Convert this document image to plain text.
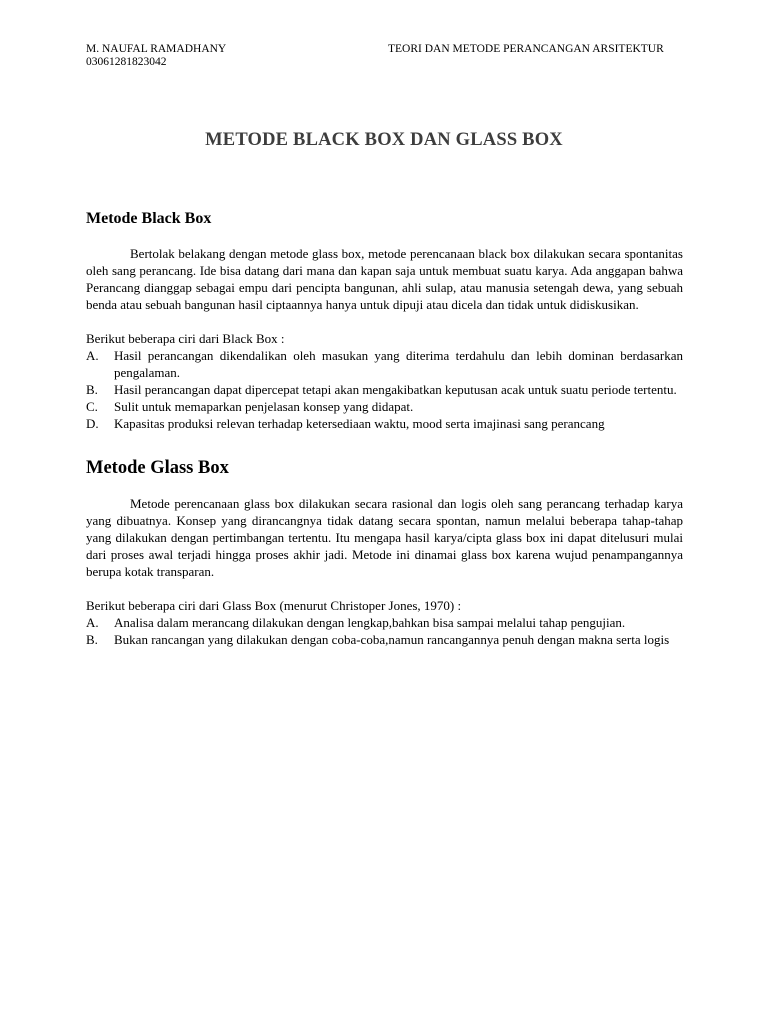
M. NAUFAL RAMADHANY
03061281823042
TEORI DAN METODE PERANCANGAN ARSITEKTUR
METODE BLACK BOX DAN GLASS BOX
Metode Black Box

Bertolak belakang dengan metode glass box, metode perencanaan black box dilakukan secara spontanitas oleh sang perancang. Ide bisa datang dari mana dan kapan saja untuk membuat suatu karya. Ada anggapan bahwa Perancang dianggap sebagai empu dari pencipta bangunan, ahli sulap, atau manusia setengah dewa, yang sebuah benda atau sebuah bangunan hasil ciptaannya hanya untuk dipuji atau dicela dan tidak untuk didiskusikan.

Berikut beberapa ciri dari Black Box :

A. Hasil perancangan dikendalikan oleh masukan yang diterima terdahulu dan lebih dominan berdasarkan pengalaman.
B. Hasil perancangan dapat dipercepat tetapi akan mengakibatkan keputusan acak untuk suatu periode tertentu.
C. Sulit untuk memaparkan penjelasan konsep yang didapat.
D. Kapasitas produksi relevan terhadap ketersediaan waktu, mood serta imajinasi sang perancang
Metode Glass Box

Metode perencanaan glass box dilakukan secara rasional dan logis oleh sang perancang terhadap karya yang dibuatnya. Konsep yang dirancangnya tidak datang secara spontan, namun melalui beberapa tahap-tahap yang dilakukan dengan pertimbangan tertentu. Itu mengapa hasil karya/cipta glass box ini dapat ditelusuri mulai dari proses awal terjadi hingga proses akhir jadi. Metode ini dinamai glass box karena wujud penampangannya berupa kotak transparan.

Berikut beberapa ciri dari Glass Box (menurut Christoper Jones, 1970) :

A. Analisa dalam merancang dilakukan dengan lengkap,bahkan bisa sampai melalui tahap pengujian.
B. Bukan rancangan yang dilakukan dengan coba-coba,namun rancangannya penuh dengan makna serta logis
